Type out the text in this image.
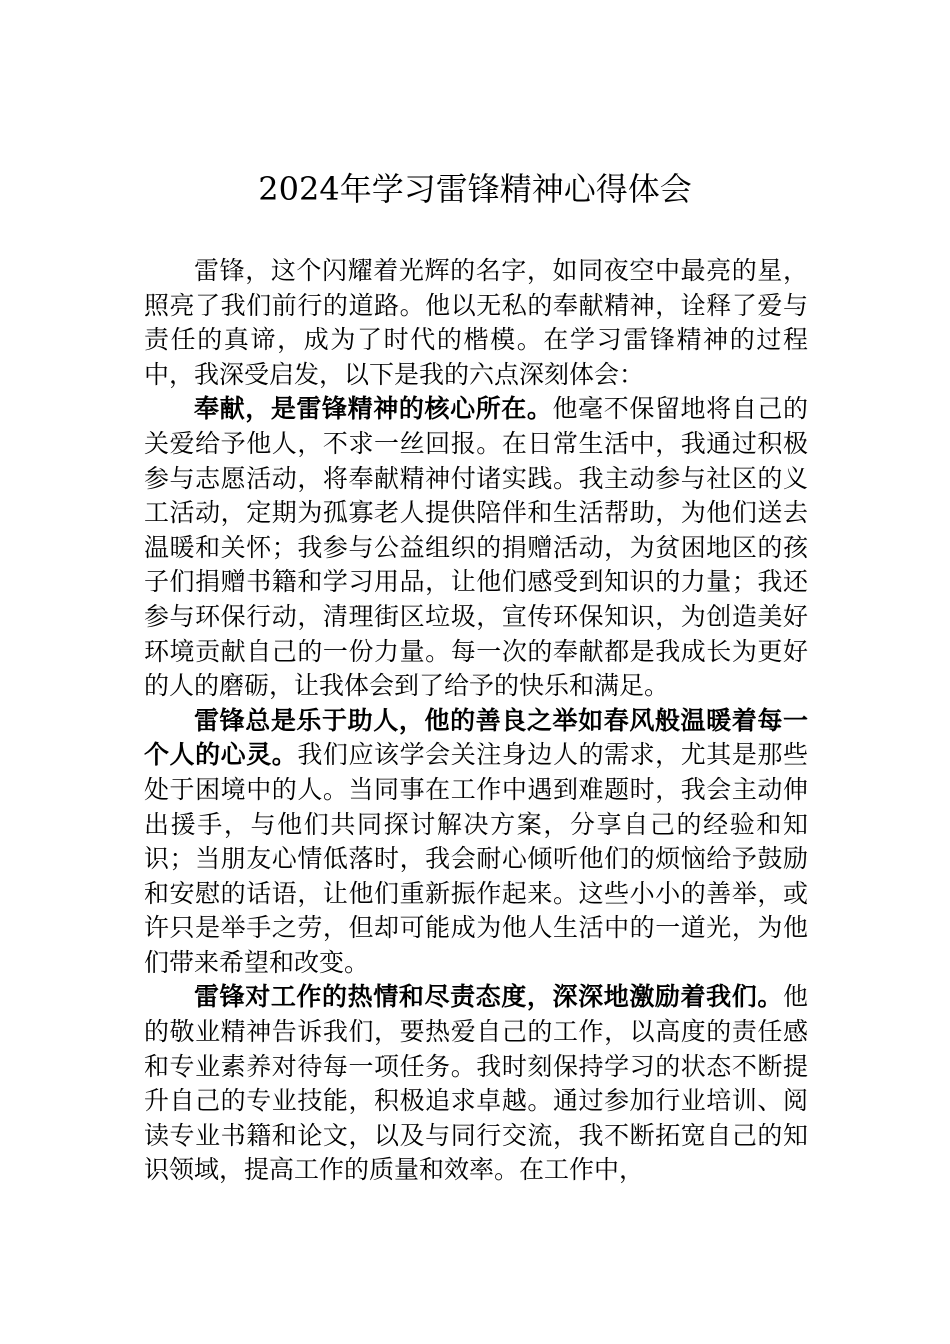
2024年学习雷锋精神心得体会

雷锋，这个闪耀着光辉的名字，如同夜空中最亮的星，照亮了我们前行的道路。他以无私的奉献精神，诠释了爱与责任的真谛，成为了时代的楷模。在学习雷锋精神的过程中，我深受启发，以下是我的六点深刻体会：

奉献，是雷锋精神的核心所在。他毫不保留地将自己的关爱给予他人，不求一丝回报。在日常生活中，我通过积极参与志愿活动，将奉献精神付诸实践。我主动参与社区的义工活动，定期为孤寡老人提供陪伴和生活帮助，为他们送去温暖和关怀；我参与公益组织的捐赠活动，为贫困地区的孩子们捐赠书籍和学习用品，让他们感受到知识的力量；我还参与环保行动，清理街区垃圾，宣传环保知识，为创造美好环境贡献自己的一份力量。每一次的奉献都是我成长为更好的人的磨砺，让我体会到了给予的快乐和满足。

雷锋总是乐于助人，他的善良之举如春风般温暖着每一个人的心灵。我们应该学会关注身边人的需求，尤其是那些处于困境中的人。当同事在工作中遇到难题时，我会主动伸出援手，与他们共同探讨解决方案，分享自己的经验和知识；当朋友心情低落时，我会耐心倾听他们的烦恼给予鼓励和安慰的话语，让他们重新振作起来。这些小小的善举，或许只是举手之劳，但却可能成为他人生活中的一道光，为他们带来希望和改变。

雷锋对工作的热情和尽责态度，深深地激励着我们。他的敬业精神告诉我们，要热爱自己的工作，以高度的责任感和专业素养对待每一项任务。我时刻保持学习的状态不断提升自己的专业技能，积极追求卓越。通过参加行业培训、阅读专业书籍和论文，以及与同行交流，我不断拓宽自己的知识领域，提高工作的质量和效率。在工作中，
